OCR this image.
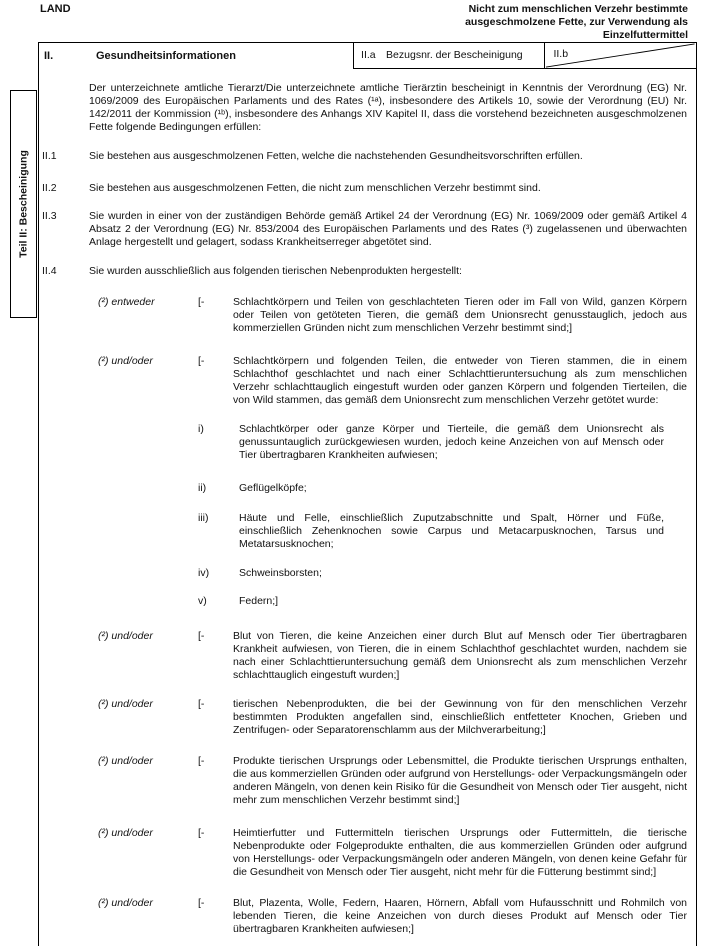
LAND	Nicht zum menschlichen Verzehr bestimmte
ausgeschmolzene Fette, zur Verwendung als
Einzelfuttermittel
Teil II: Bescheinigung
II.	Gesundheitsinformationen	II.a Bezugsnr. der Bescheinigung	II.b
Der unterzeichnete amtliche Tierarzt/Die unterzeichnete amtliche Tierärztin bescheinigt in Kenntnis der Verordnung (EG) Nr. 1069/2009 des Europäischen Parlaments und des Rates (¹ᵃ), insbesondere des Artikels 10, sowie der Verordnung (EU) Nr. 142/2011 der Kommission (¹ᵇ), insbesondere des Anhangs XIV Kapitel II, dass die vorstehend bezeichneten ausgeschmolzenen Fette folgende Bedingungen erfüllen:
II.1	Sie bestehen aus ausgeschmolzenen Fetten, welche die nachstehenden Gesundheitsvorschriften erfüllen.
II.2	Sie bestehen aus ausgeschmolzenen Fetten, die nicht zum menschlichen Verzehr bestimmt sind.
II.3	Sie wurden in einer von der zuständigen Behörde gemäß Artikel 24 der Verordnung (EG) Nr. 1069/2009 oder gemäß Artikel 4 Absatz 2 der Verordnung (EG) Nr. 853/2004 des Europäischen Parlaments und des Rates (³) zugelassenen und überwachten Anlage hergestellt und gelagert, sodass Krankheitserreger abgetötet sind.
II.4	Sie wurden ausschließlich aus folgenden tierischen Nebenprodukten hergestellt:
(²) entweder	[-	Schlachtkörpern und Teilen von geschlachteten Tieren oder im Fall von Wild, ganzen Körpern oder Teilen von getöteten Tieren, die gemäß dem Unionsrecht genusstauglich, jedoch aus kommerziellen Gründen nicht zum menschlichen Verzehr bestimmt sind;]
(²) und/oder	[-	Schlachtkörpern und folgenden Teilen, die entweder von Tieren stammen, die in einem Schlachthof geschlachtet und nach einer Schlachttieruntersuchung als zum menschlichen Verzehr schlachttauglich eingestuft wurden oder ganzen Körpern und folgenden Tierteilen, die von Wild stammen, das gemäß dem Unionsrecht zum menschlichen Verzehr getötet wurde:
i)	Schlachtkörper oder ganze Körper und Tierteile, die gemäß dem Unionsrecht als genussuntauglich zurückgewiesen wurden, jedoch keine Anzeichen von auf Mensch oder Tier übertragbaren Krankheiten aufwiesen;
ii)	Geflügelköpfe;
iii)	Häute und Felle, einschließlich Zuputzabschnitte und Spalt, Hörner und Füße, einschließlich Zehenknochen sowie Carpus und Metacarpusknochen, Tarsus und Metatarsusknochen;
iv)	Schweinsborsten;
v)	Federn;]
(²) und/oder	[-	Blut von Tieren, die keine Anzeichen einer durch Blut auf Mensch oder Tier übertragbaren Krankheit aufwiesen, von Tieren, die in einem Schlachthof geschlachtet wurden, nachdem sie nach einer Schlachttieruntersuchung gemäß dem Unionsrecht als zum menschlichen Verzehr schlachttauglich eingestuft wurden;]
(²) und/oder	[-	tierischen Nebenprodukten, die bei der Gewinnung von für den menschlichen Verzehr bestimmten Produkten angefallen sind, einschließlich entfetteter Knochen, Grieben und Zentrifugen- oder Separatorenschlamm aus der Milchverarbeitung;]
(²) und/oder	[-	Produkte tierischen Ursprungs oder Lebensmittel, die Produkte tierischen Ursprungs enthalten, die aus kommerziellen Gründen oder aufgrund von Herstellungs- oder Verpackungsmängeln oder anderen Mängeln, von denen kein Risiko für die Gesundheit von Mensch oder Tier ausgeht, nicht mehr zum menschlichen Verzehr bestimmt sind;]
(²) und/oder	[-	Heimtierfutter und Futtermitteln tierischen Ursprungs oder Futtermitteln, die tierische Nebenprodukte oder Folgeprodukte enthalten, die aus kommerziellen Gründen oder aufgrund von Herstellungs- oder Verpackungsmängeln oder anderen Mängeln, von denen keine Gefahr für die Gesundheit von Mensch oder Tier ausgeht, nicht mehr für die Fütterung bestimmt sind;]
(²) und/oder	[-	Blut, Plazenta, Wolle, Federn, Haaren, Hörnern, Abfall vom Hufausschnitt und Rohmilch von lebenden Tieren, die keine Anzeichen von durch dieses Produkt auf Mensch oder Tier übertragbaren Krankheiten aufwiesen;]
